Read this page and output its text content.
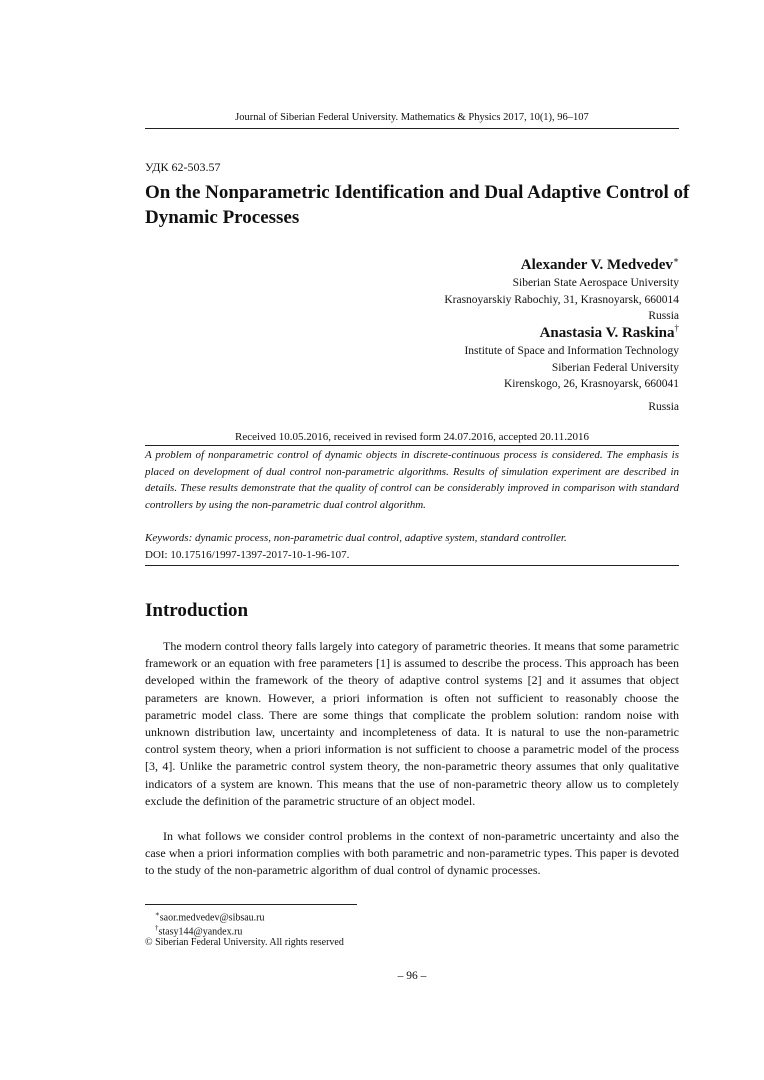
Journal of Siberian Federal University. Mathematics & Physics 2017, 10(1), 96–107
УДК 62-503.57
On the Nonparametric Identification and Dual Adaptive Control of Dynamic Processes
Alexander V. Medvedev∗
Siberian State Aerospace University
Krasnoyarskiy Rabochiy, 31, Krasnoyarsk, 660014
Russia
Anastasia V. Raskina†
Institute of Space and Information Technology
Siberian Federal University
Kirenskogo, 26, Krasnoyarsk, 660041
Russia
Received 10.05.2016, received in revised form 24.07.2016, accepted 20.11.2016

A problem of nonparametric control of dynamic objects in discrete-continuous process is considered. The emphasis is placed on development of dual control non-parametric algorithms. Results of simulation experiment are described in details. These results demonstrate that the quality of control can be considerably improved in comparison with standard controllers by using the non-parametric dual control algorithm.

Keywords: dynamic process, non-parametric dual control, adaptive system, standard controller.
DOI: 10.17516/1997-1397-2017-10-1-96-107.
Introduction

The modern control theory falls largely into category of parametric theories. It means that some parametric framework or an equation with free parameters [1] is assumed to describe the process. This approach has been developed within the framework of the theory of adaptive control systems [2] and it assumes that object parameters are known. However, a priori information is often not sufficient to reasonably choose the parametric model class. There are some things that complicate the problem solution: random noise with unknown distribution law, uncertainty and incompleteness of data. It is natural to use the non-parametric control system theory, when a priori information is not sufficient to choose a parametric model of the process [3, 4]. Unlike the parametric control system theory, the non-parametric theory assumes that only qualitative indicators of a system are known. This means that the use of non-parametric theory allow us to completely exclude the definition of the parametric structure of an object model.

In what follows we consider control problems in the context of non-parametric uncertainty and also the case when a priori information complies with both parametric and non-parametric types. This paper is devoted to the study of the non-parametric algorithm of dual control of dynamic processes.

∗saor.medvedev@sibsau.ru
†stasy144@yandex.ru
© Siberian Federal University. All rights reserved
– 96 –
